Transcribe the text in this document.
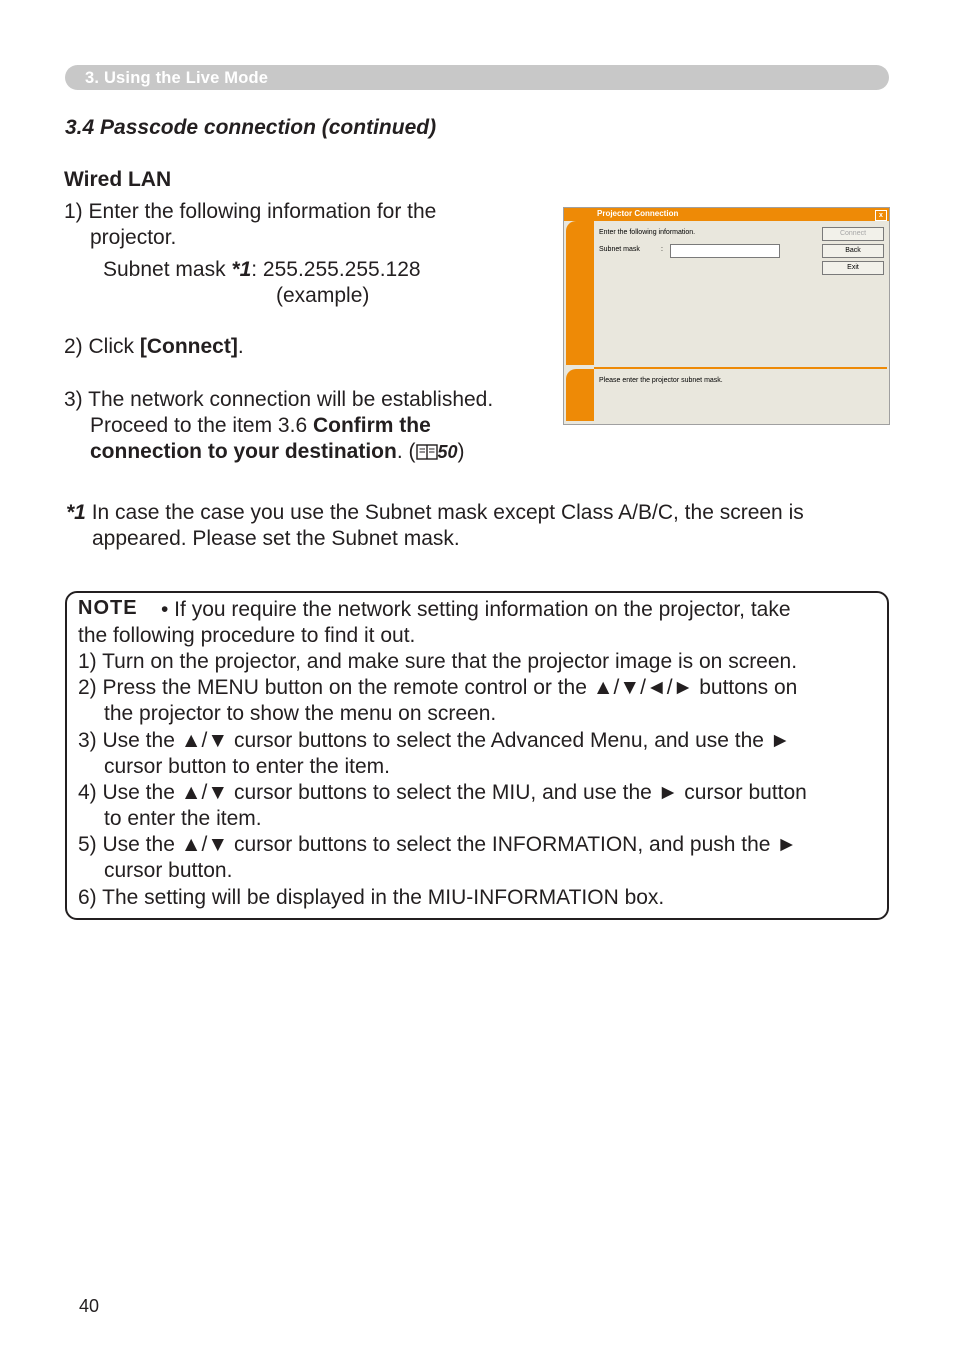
3. Using the Live Mode
3.4 Passcode connection (continued)
Wired LAN
1) Enter the following information for the
projector.
Subnet mask *1: 255.255.255.128
(example)
2) Click [Connect].
3) The network connection will be established.
Proceed to the item 3.6 Confirm the
connection to your destination. ( 50)
Projector Connection	x
Enter the following information.
Subnet mask	:
Connect
Back
Exit
Please enter the projector subnet mask.
*1 In case the case you use the Subnet mask except Class A/B/C, the screen is
appeared. Please set the Subnet mask.
NOTE • If you require the network setting information on the projector, take
the following procedure to find it out.
1) Turn on the projector, and make sure that the projector image is on screen.
2) Press the MENU button on the remote control or the ▲/▼/◄/► buttons on
the projector to show the menu on screen.
3) Use the ▲/▼ cursor buttons to select the Advanced Menu, and use the ►
cursor button to enter the item.
4) Use the ▲/▼ cursor buttons to select the MIU, and use the ► cursor button
to enter the item.
5) Use the ▲/▼ cursor buttons to select the INFORMATION, and push the ►
cursor button.
6) The setting will be displayed in the MIU-INFORMATION box.
40
